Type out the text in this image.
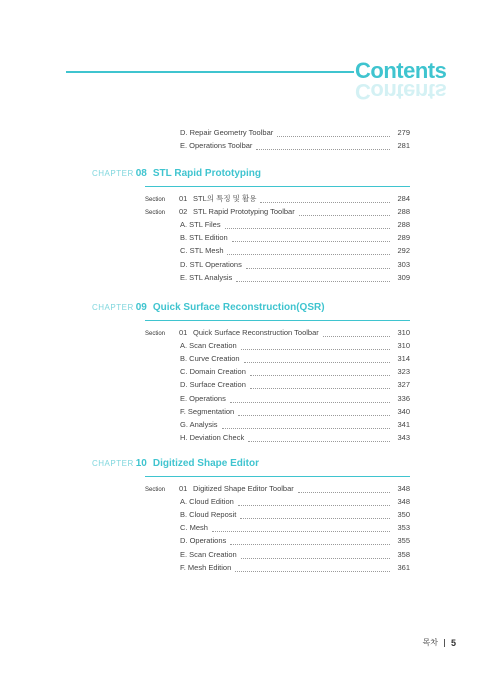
Contents
Contents
D. Repair Geometry Toolbar	279
E. Operations Toolbar	281
CHAPTER 08 STL Rapid Prototyping
Section	01 STL의 특징 및 활용	284
Section	02 STL Rapid Prototyping Toolbar	288
A. STL Files	288
B. STL Edition	289
C. STL Mesh	292
D. STL Operations	303
E. STL Analysis	309
CHAPTER 09 Quick Surface Reconstruction(QSR)
Section	01 Quick Surface Reconstruction Toolbar	310
A. Scan Creation	310
B. Curve Creation	314
C. Domain Creation	323
D. Surface Creation	327
E. Operations	336
F. Segmentation	340
G. Analysis	341
H. Deviation Check	343
CHAPTER 10 Digitized Shape Editor
Section	01 Digitized Shape Editor Toolbar	348
A. Cloud Edition	348
B. Cloud Reposit	350
C. Mesh	353
D. Operations	355
E. Scan Creation	358
F. Mesh Edition	361
목차 5
